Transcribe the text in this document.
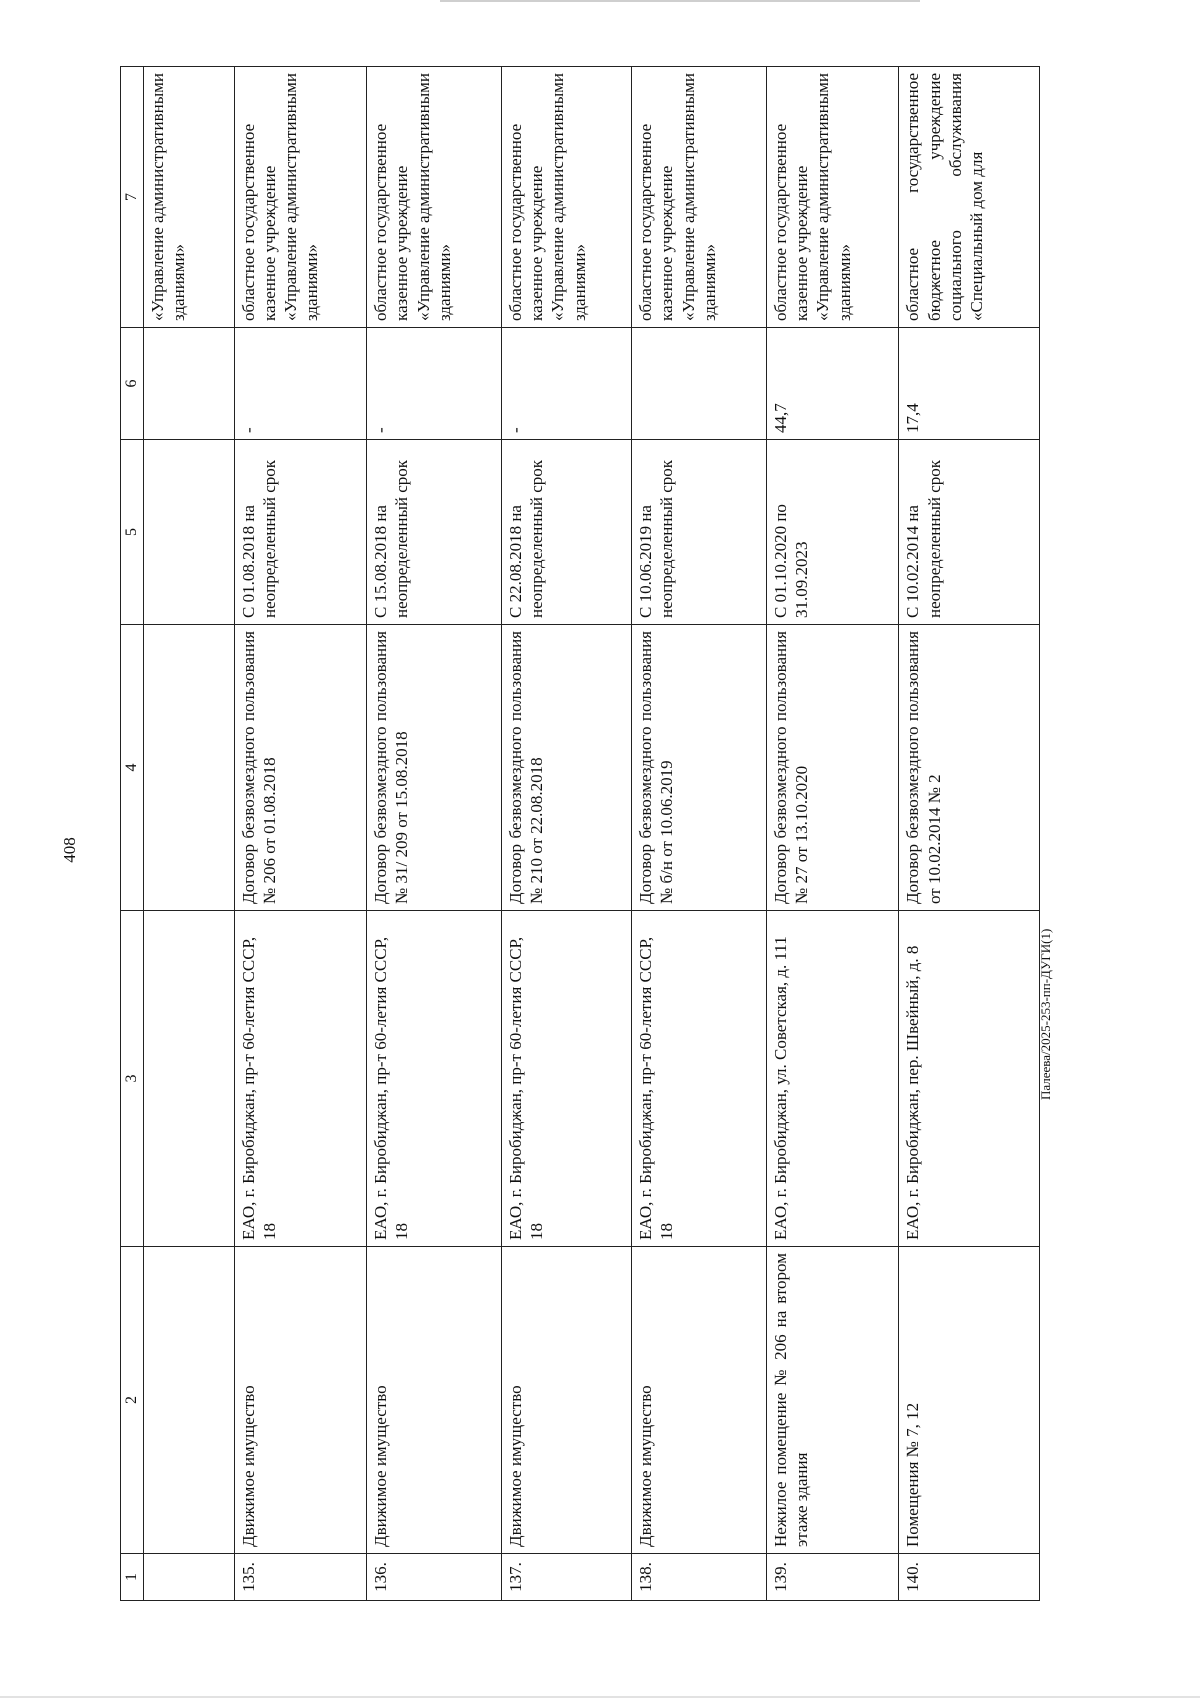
408
Палеева/2025-253-пп-ДУГИ(1)
1	2	3	4	5	6	7
						«Управление административными зданиями»
135.	Движимое имущество	ЕАО, г. Биробиджан, пр-т 60-летия СССР, 18	Договор безвозмездного пользования № 206 от 01.08.2018	С 01.08.2018 на неопределенный срок	-	областное государственное казенное учреждение «Управление административными зданиями»
136.	Движимое имущество	ЕАО, г. Биробиджан, пр-т 60-летия СССР, 18	Договор безвозмездного пользования № 31/ 209 от 15.08.2018	С 15.08.2018 на неопределенный срок	-	областное государственное казенное учреждение «Управление административными зданиями»
137.	Движимое имущество	ЕАО, г. Биробиджан, пр-т 60-летия СССР, 18	Договор безвозмездного пользования № 210 от 22.08.2018	С 22.08.2018 на неопределенный срок	-	областное государственное казенное учреждение «Управление административными зданиями»
138.	Движимое имущество	ЕАО, г. Биробиджан, пр-т 60-летия СССР, 18	Договор безвозмездного пользования № б/н от 10.06.2019	С 10.06.2019 на неопределенный срок		областное государственное казенное учреждение «Управление административными зданиями»
139.	Нежилое помещение № 206 на втором этаже здания	ЕАО, г. Биробиджан, ул. Советская, д. 111	Договор безвозмездного пользования № 27 от 13.10.2020	С 01.10.2020 по 31.09.2023	44,7	областное государственное казенное учреждение «Управление административными зданиями»
140.	Помещения № 7, 12	ЕАО, г. Биробиджан, пер. Швейный, д. 8	Договор безвозмездного пользования от 10.02.2014 № 2	С 10.02.2014 на неопределенный срок	17,4	областное государственное бюджетное учреждение социального обслуживания «Специальный дом для
